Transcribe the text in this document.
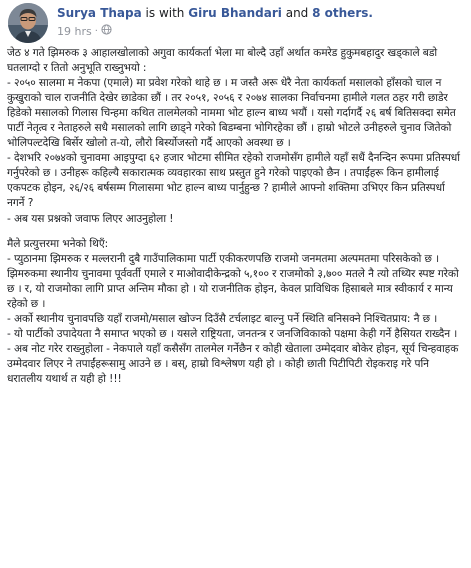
Surya Thapa is with Giru Bhandari and 8 others.
19 hrs ·

जेठ ४ गते झिमरुक ३ आहालखोलाको अगुवा कार्यकर्ता भेला मा बोल्दै उहाँ अर्थात कमरेड हुकुमबहादुर खड्काले बडो घतलाग्दो र तितो अनुभूति राख्नुभयो :

- २०५० सालमा म नेकपा (एमाले) मा प्रवेश गरेको थाहे छ । म जस्तै अरू धेरै नेता कार्यकर्ता मसालको हाँसको चाल न कुखुराको चाल राजनीति देखेर छाडेका छौं । तर २०५१, २०५६ र २०७४ सालका निर्वाचनमा हामीले गलत ठहर गरी छाडेर हिडेको मसालको गिलास चिन्हमा कथित तालमेलको नाममा भोट हाल्न बाध्य भयौं । यसो गर्दागर्दै २६ बर्ष बितिसक्दा समेत पार्टी नेतृत्व र नेताहरुले सधै मसालको लागि छाड्ने गरेको बिडम्बना भोगिरहेका छौं । हाम्रो भोटले उनीहरुले चुनाव जितेको भोलिपल्टदेखि बिर्सेर खोलो त-यो, लौरो बिर्स्योजस्तो गर्दै आएको अवस्था छ ।

- देशभरि २०७४को चुनावमा आइपुग्दा ६२ हजार भोटमा सीमित रहेको राजमोसँग हामीले यहाँ सधैं दैनन्दिन रूपमा प्रतिस्पर्धा गर्नुपरेको छ । उनीहरू कहिल्यै सकारात्मक व्यवहारका साथ प्रस्तुत हुने गरेको पाइएको छैन । तपाईंहरू किन हामीलाई एकपटक होइन, २६/२६ बर्षसम्म गिलासमा भोट हाल्न बाध्य पार्नुहुन्छ ? हामीले आफ्नो शक्तिमा उभिएर किन प्रतिस्पर्धा नगर्ने ?

- अब यस प्रश्नको जवाफ लिएर आउनुहोला !

मैले प्रत्युत्तरमा भनेको थिएँ:

- प्युठानमा झिमरुक र मल्लरानी दुबै गाउँपालिकामा पार्टी एकीकरणपछि राजमो जनमतमा अल्पमतमा परिसकेको छ । झिमरुकमा स्थानीय चुनावमा पूर्ववर्ती एमाले र माओवादीकेन्द्रको ५,१०० र राजमोको ३,७०० मतले नै त्यो तथ्यिर स्पष्ट गरेको छ । र, यो राजमोका लागि प्राप्त अन्तिम मौका हो । यो राजनीतिक होइन, केवल प्राविधिक हिसाबले मात्र स्वीकार्य र मान्य रहेको छ ।

- अर्को स्थानीय चुनावपछि यहाँ राजमो/मसाल खोज्न दिउँसै टर्चलाइट बाल्नु पर्ने स्थिति बनिसक्ने निश्चितप्राय: नै छ ।

- यो पार्टीको उपादेयता नै समाप्त भएको छ । यसले राष्ट्रियता, जनतन्त्र र जनजिविकाको पक्षमा केही गर्ने हैसियत राख्दैन ।

- अब नोट गरेर राख्नुहोला - नेकपाले यहाँ कसैसँग तालमेल गर्नेछैन र कोही खेताला उम्मेदवार बोकेर होइन, सूर्य चिन्हवाहक उम्मेदवार लिएर ने तपाईंहरूसामु आउने छ । बस्, हाम्रो विश्लेषण यही हो । कोही छाती पिटीपिटी रोइकराइ गरे पनि धरातलीय यथार्थ त यही हो !!!
